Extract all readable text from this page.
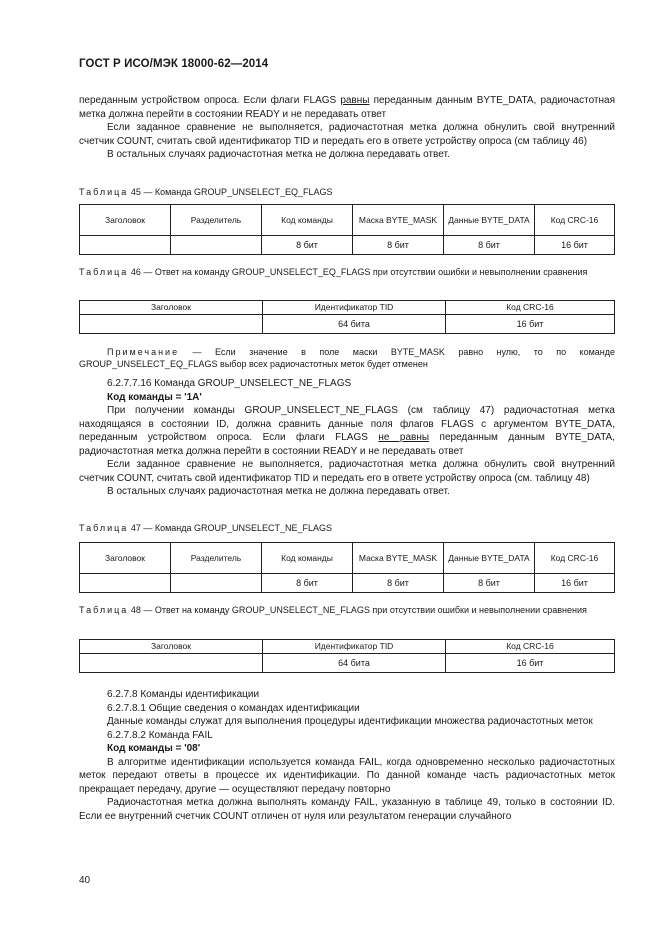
ГОСТ Р ИСО/МЭК 18000-62—2014

переданным устройством опроса. Если флаги FLAGS равны переданным данным BYTE_DATA, радиочастотная метка должна перейти в состоянии READY и не передавать ответ

Если заданное сравнение не выполняется, радиочастотная метка должна обнулить свой внутренний счетчик COUNT, считать свой идентификатор TID и передать его в ответе устройству опроса (см таблицу 46)

В остальных случаях радиочастотная метка не должна передавать ответ.

Таблица 45 — Команда GROUP_UNSELECT_EQ_FLAGS
Заголовок	Разделитель	Код команды	Маска BYTE_MASK	Данные BYTE_DATA	Код CRC-16
		8 бит	8 бит	8 бит	16 бит
Таблица 46 — Ответ на команду GROUP_UNSELECT_EQ_FLAGS при отсутствии ошибки и невыполнении сравнения
Заголовок	Идентификатор TID	Код CRC-16
	64 бита	16 бит
Примечание — Если значение в поле маски BYTE_MASK равно нулю, то по команде GROUP_UNSELECT_EQ_FLAGS выбор всех радиочастотных меток будет отменен

6.2.7.7.16 Команда GROUP_UNSELECT_NE_FLAGS

Код команды = '1A'

При получении команды GROUP_UNSELECT_NE_FLAGS (см таблицу 47) радиочастотная метка находящаяся в состоянии ID, должна сравнить данные поля флагов FLAGS с аргументом BYTE_DATA, переданным устройством опроса. Если флаги FLAGS не равны переданным данным BYTE_DATA, радиочастотная метка должна перейти в состоянии READY и не передавать ответ

Если заданное сравнение не выполняется, радиочастотная метка должна обнулить свой внутренний счетчик COUNT, считать свой идентификатор TID и передать его в ответе устройству опроса (см. таблицу 48)

В остальных случаях радиочастотная метка не должна передавать ответ.

Таблица 47 — Команда GROUP_UNSELECT_NE_FLAGS
Заголовок	Разделитель	Код команды	Маска BYTE_MASK	Данные BYTE_DATA	Код CRC-16
		8 бит	8 бит	8 бит	16 бит
Таблица 48 — Ответ на команду GROUP_UNSELECT_NE_FLAGS при отсутствии ошибки и невыполнении сравнения
Заголовок	Идентификатор TID	Код CRC-16
	64 бита	16 бит

6.2.7.8 Команды идентификации

6.2.7.8.1 Общие сведения о командах идентификации

Данные команды служат для выполнения процедуры идентификации множества радиочастотных меток

6.2.7.8.2 Команда FAIL

Код команды = '08'

В алгоритме идентификации используется команда FAIL, когда одновременно несколько радиочастотных меток передают ответы в процессе их идентификации. По данной команде часть радиочастотных меток прекращает передачу, другие — осуществляют передачу повторно

Радиочастотная метка должна выполнять команду FAIL, указанную в таблице 49, только в состоянии ID. Если ее внутренний счетчик COUNT отличен от нуля или результатом генерации случайного

40
